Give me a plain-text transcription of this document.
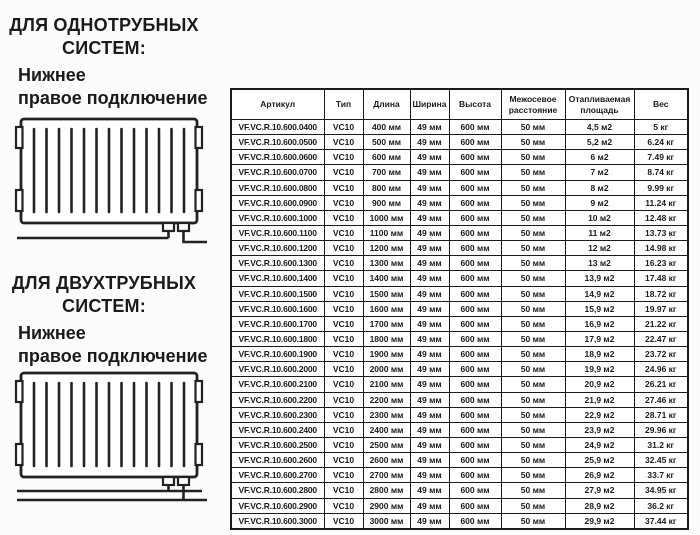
ДЛЯ ОДНОТРУБНЫХ
СИСТЕМ:
Нижнее
правое подключение
ДЛЯ ДВУХТРУБНЫХ
СИСТЕМ:
Нижнее
правое подключение
Артикул	Тип	Длина	Ширина	Высота	Межосевое расстояние	Отапливаемая площадь	Вес
VF.VC.R.10.600.0400	VC10	400 мм	49 мм	600 мм	50 мм	4,5 м2	5 кг
VF.VC.R.10.600.0500	VC10	500 мм	49 мм	600 мм	50 мм	5,2 м2	6.24 кг
VF.VC.R.10.600.0600	VC10	600 мм	49 мм	600 мм	50 мм	6 м2	7.49 кг
VF.VC.R.10.600.0700	VC10	700 мм	49 мм	600 мм	50 мм	7 м2	8.74 кг
VF.VC.R.10.600.0800	VC10	800 мм	49 мм	600 мм	50 мм	8 м2	9.99 кг
VF.VC.R.10.600.0900	VC10	900 мм	49 мм	600 мм	50 мм	9 м2	11.24 кг
VF.VC.R.10.600.1000	VC10	1000 мм	49 мм	600 мм	50 мм	10 м2	12.48 кг
VF.VC.R.10.600.1100	VC10	1100 мм	49 мм	600 мм	50 мм	11 м2	13.73 кг
VF.VC.R.10.600.1200	VC10	1200 мм	49 мм	600 мм	50 мм	12 м2	14.98 кг
VF.VC.R.10.600.1300	VC10	1300 мм	49 мм	600 мм	50 мм	13 м2	16.23 кг
VF.VC.R.10.600.1400	VC10	1400 мм	49 мм	600 мм	50 мм	13,9 м2	17.48 кг
VF.VC.R.10.600.1500	VC10	1500 мм	49 мм	600 мм	50 мм	14,9 м2	18.72 кг
VF.VC.R.10.600.1600	VC10	1600 мм	49 мм	600 мм	50 мм	15,9 м2	19.97 кг
VF.VC.R.10.600.1700	VC10	1700 мм	49 мм	600 мм	50 мм	16,9 м2	21.22 кг
VF.VC.R.10.600.1800	VC10	1800 мм	49 мм	600 мм	50 мм	17,9 м2	22.47 кг
VF.VC.R.10.600.1900	VC10	1900 мм	49 мм	600 мм	50 мм	18,9 м2	23.72 кг
VF.VC.R.10.600.2000	VC10	2000 мм	49 мм	600 мм	50 мм	19,9 м2	24.96 кг
VF.VC.R.10.600.2100	VC10	2100 мм	49 мм	600 мм	50 мм	20,9 м2	26.21 кг
VF.VC.R.10.600.2200	VC10	2200 мм	49 мм	600 мм	50 мм	21,9 м2	27.46 кг
VF.VC.R.10.600.2300	VC10	2300 мм	49 мм	600 мм	50 мм	22,9 м2	28.71 кг
VF.VC.R.10.600.2400	VC10	2400 мм	49 мм	600 мм	50 мм	23,9 м2	29.96 кг
VF.VC.R.10.600.2500	VC10	2500 мм	49 мм	600 мм	50 мм	24,9 м2	31.2 кг
VF.VC.R.10.600.2600	VC10	2600 мм	49 мм	600 мм	50 мм	25,9 м2	32.45 кг
VF.VC.R.10.600.2700	VC10	2700 мм	49 мм	600 мм	50 мм	26,9 м2	33.7 кг
VF.VC.R.10.600.2800	VC10	2800 мм	49 мм	600 мм	50 мм	27,9 м2	34.95 кг
VF.VC.R.10.600.2900	VC10	2900 мм	49 мм	600 мм	50 мм	28,9 м2	36.2 кг
VF.VC.R.10.600.3000	VC10	3000 мм	49 мм	600 мм	50 мм	29,9 м2	37.44 кг
